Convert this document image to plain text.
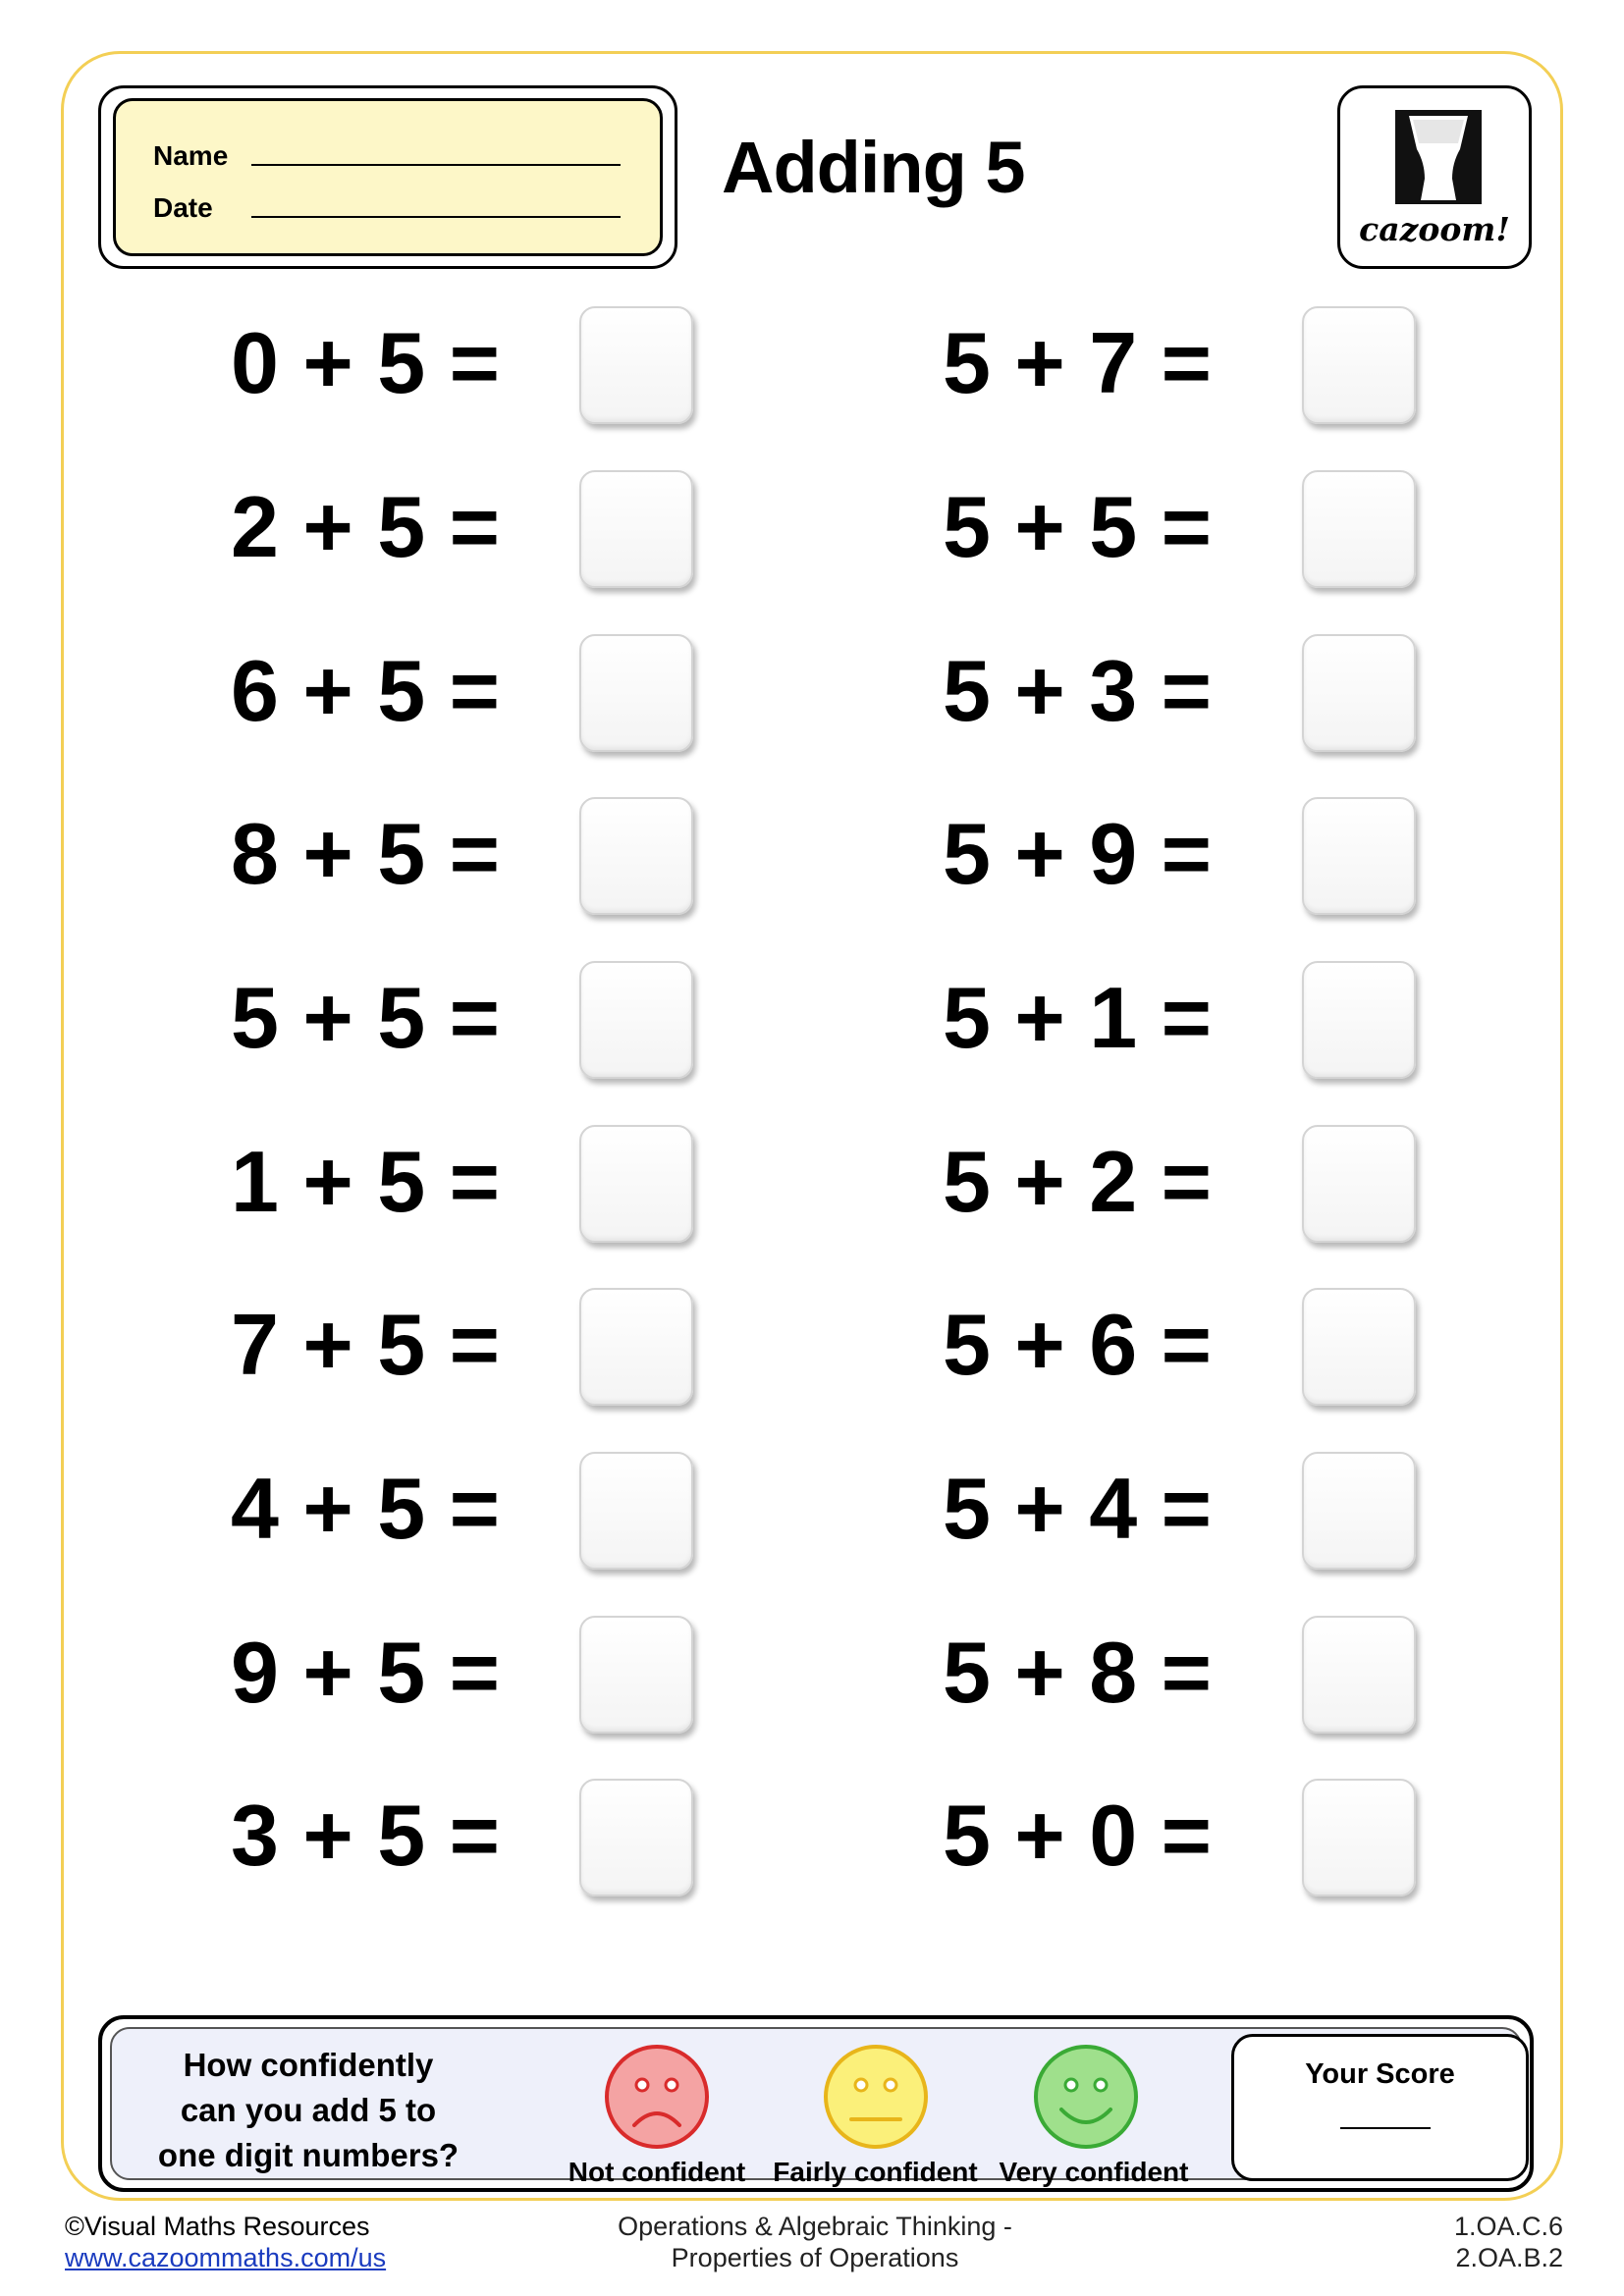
Name
Date	Adding 5
cazoom!
0 + 5 =
2 + 5 =
6 + 5 =
8 + 5 =
5 + 5 =
1 + 5 =
7 + 5 =
4 + 5 =
9 + 5 =
3 + 5 =
5 + 7 =
5 + 5 =
5 + 3 =
5 + 9 =
5 + 1 =
5 + 2 =
5 + 6 =
5 + 4 =
5 + 8 =
5 + 0 =
How confidently
can you add 5 to
one digit numbers?	Not confident	Fairly confident Very confident
Your Score
©Visual Maths Resources
www.cazoommaths.com/us
Operations & Algebraic Thinking -
Properties of Operations
1.OA.C.6
2.OA.B.2
